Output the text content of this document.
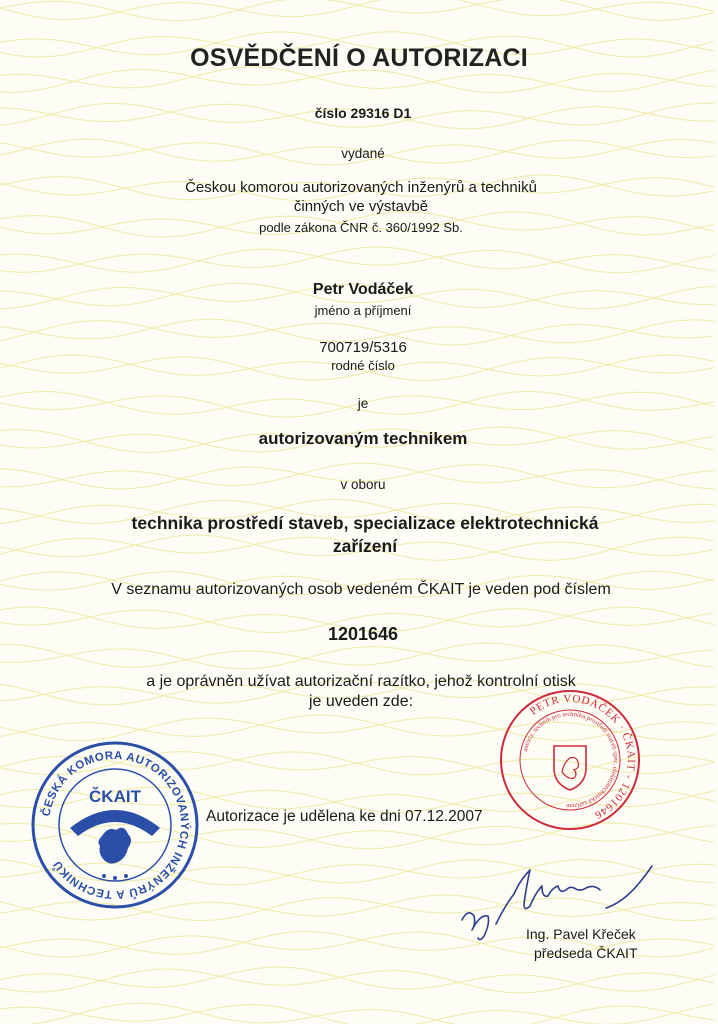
OSVĚDČENÍ O AUTORIZACI
číslo 29316 D1
vydané
Českou komorou autorizovaných inženýrů a techniků
činných ve výstavbě
podle zákona ČNR č. 360/1992 Sb.
Petr Vodáček
jméno a příjmení
700719/5316
rodné číslo
je
autorizovaným technikem
v oboru
technika prostředí staveb, specializace elektrotechnická
zařízení
V seznamu autorizovaných osob vedeném ČKAIT je veden pod číslem
1201646
a je oprávněn užívat autorizační razítko, jehož kontrolní otisk
je uveden zde:
Autorizace je udělena ke dni 07.12.2007
Ing. Pavel Křeček
předseda ČKAIT
ČESKÁ KOMORA AUTORIZOVANÝCH INŽENÝRŮ A TECHNIKŮ
ČKAIT
PETR VODÁČEK · ČKAIT - 1201646
autoriz. technik pro techniku prostředí staveb spec. elektrotechnická zařízení
